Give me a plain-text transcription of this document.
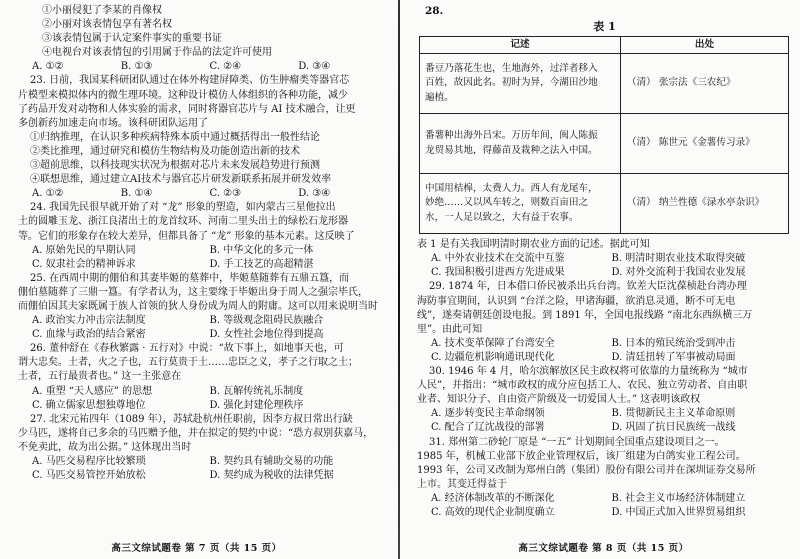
①小丽侵犯了李某的肖像权
②小丽对该表情包享有著名权
③该表情包属于认定案件事实的重要书证
④电视台对该表情包的引用属于作品的法定许可使用
A. ①②	B. ①③	C. ②④	D. ③④
23. 日前，我国某科研团队通过在体外构建屏障类、仿生肿瘤类等器官芯
片模型来模拟体内的微生理环境。这种设计模仿人体组织的各种功能，减少
了药品开发对动物和人体实验的需求，同时将器官芯片与 AI 技术融合，让更
多创新药加速走向市场。该科研团队运用了
①归纳推理，在认识多种疾病特殊本质中通过概括得出一般性结论
②类比推理，通过研究和模仿生物结构及功能创造出新的技术
③超前思维，以科技现实状况为根据对芯片未来发展趋势进行预测
④联想思维，通过建立AI技术与器官芯片研发新联系拓展并研发效率
A. ①②	B. ①④	C. ②③	D. ③④
24. 我国先民很早就开始了对 “龙” 形象的塑造，如内蒙古三星他拉出
土的圆雕玉龙、浙江良渚出土的龙首纹环、河南二里头出土的绿松石龙形器
等。它们的形象存在较大差异，但都具备了 “龙” 形象的基本元素。这反映了
A. 原始先民的早期认同	B. 中华文化的多元一体
C. 奴隶社会的精神诉求	D. 手工技艺的高超精湛
25. 在西周中期的倗伯和其妻毕姬的墓葬中，毕姬墓随葬有五鼎五簋，而
倗伯墓随葬了三鼎一簋。有学者认为，这主要缘于毕姬出身于周人之强宗毕氏，
而倗伯因其夫家既属于族人首领的狄人身份成为周人的附庸。这可以用来说明当时
A. 政治实力冲击宗法制度	B. 等级观念阻碍民族融合
C. 血缘与政治的结合紧密	D. 女性社会地位得到提高
26. 董仲舒在《春秋繁露 · 五行对》中说：“故下事上，如地事天也，可
谓大忠矣。土者，火之子也，五行莫贵于土……忠臣之义，孝子之行取之土；
土者，五行最贵者也。” 这一主张意在
A. 重塑 “天人感应” 的思想	B. 瓦解传统礼乐制度
C. 确立儒家思想独尊地位	D. 强化封建伦理秩序
27. 北宋元祐四年（1089 年），苏轼赴杭州任职前，因李方叔日常出行缺
少马匹，遂将自己多余的马匹赠予他，并在拟定的契约中说：“恐方叔别获嘉马，
不免卖此，故为出公据。” 这体现出当时
A. 马匹交易程序比较繁琐	B. 契约具有辅助交易的功能
C. 马匹交易管控开始放松	D. 契约成为税收的法律凭据
高三文综试题卷 第 7 页（共 15 页）
28.
表 1
记述	出处

番豆乃落花生也，生地海外，过洋者移入
百姓，故因此名。初时为异，今湖田沙地
遍植。	（清） 张宗法《三农纪》

番薯种出海外吕宋。万历年间，闽人陈振
龙贸易其地，得藤苗及栽种之法入中国。	（清） 陈世元《金薯传习录》

中国用桔槔，太费人力。西人有龙尾车，
妙绝……又以风车转之，则数百亩田之
水，一人足以致之，大有益于农事。	（清） 纳兰性德《渌水亭杂识》
表 1 是有关我国明清时期农业方面的记述。据此可知
A. 中外农业技术在交流中互鉴	B. 明清时期农业技术取得突破
C. 我国积极引进西方先进成果	D. 对外交流利于我国农业发展
29. 1874 年，日本借口侨民被杀出兵台湾。钦差大臣沈葆桢赴台湾办理
海防事宜期间，认识到 “台洋之险，甲诸海疆，欲消息灵通，断不可无电
线”，遂奏请朝廷创设电报。到 1891 年，全国电报线路 “南北东西纵横三万
里”。由此可知
A. 技术变革保障了台湾安全	B. 日本的殖民统治受到冲击
C. 边疆危机影响通讯现代化	D. 清廷扭转了军事被动局面
30. 1946 年 4 月，哈尔滨解放区民主政权将可依靠的力量统称为 “城市
人民”，并指出：“城市政权的成分应包括工人、农民、独立劳动者、自由职
业者、知识分子、自由资产阶级及一切爱国人士。” 这表明该政权
A. 逐步转变民主革命纲领	B. 贯彻新民主主义革命原则
C. 配合了辽沈战役的部署	D. 巩固了抗日民族统一战线
31. 郑州第二砂轮厂原是 “一五” 计划期间全国重点建设项目之一。
1985 年，机械工业部下放企业管理权后，该厂组建为白鸽实业工程公司。
1993 年，公司又改制为郑州白鸽（集团）股份有限公司并在深圳证券交易所
上市。其变迁得益于
A. 经济体制改革的不断深化	B. 社会主义市场经济体制建立
C. 高效的现代企业制度确立	D. 中国正式加入世界贸易组织
高三文综试题卷 第 8 页（共 15 页）
